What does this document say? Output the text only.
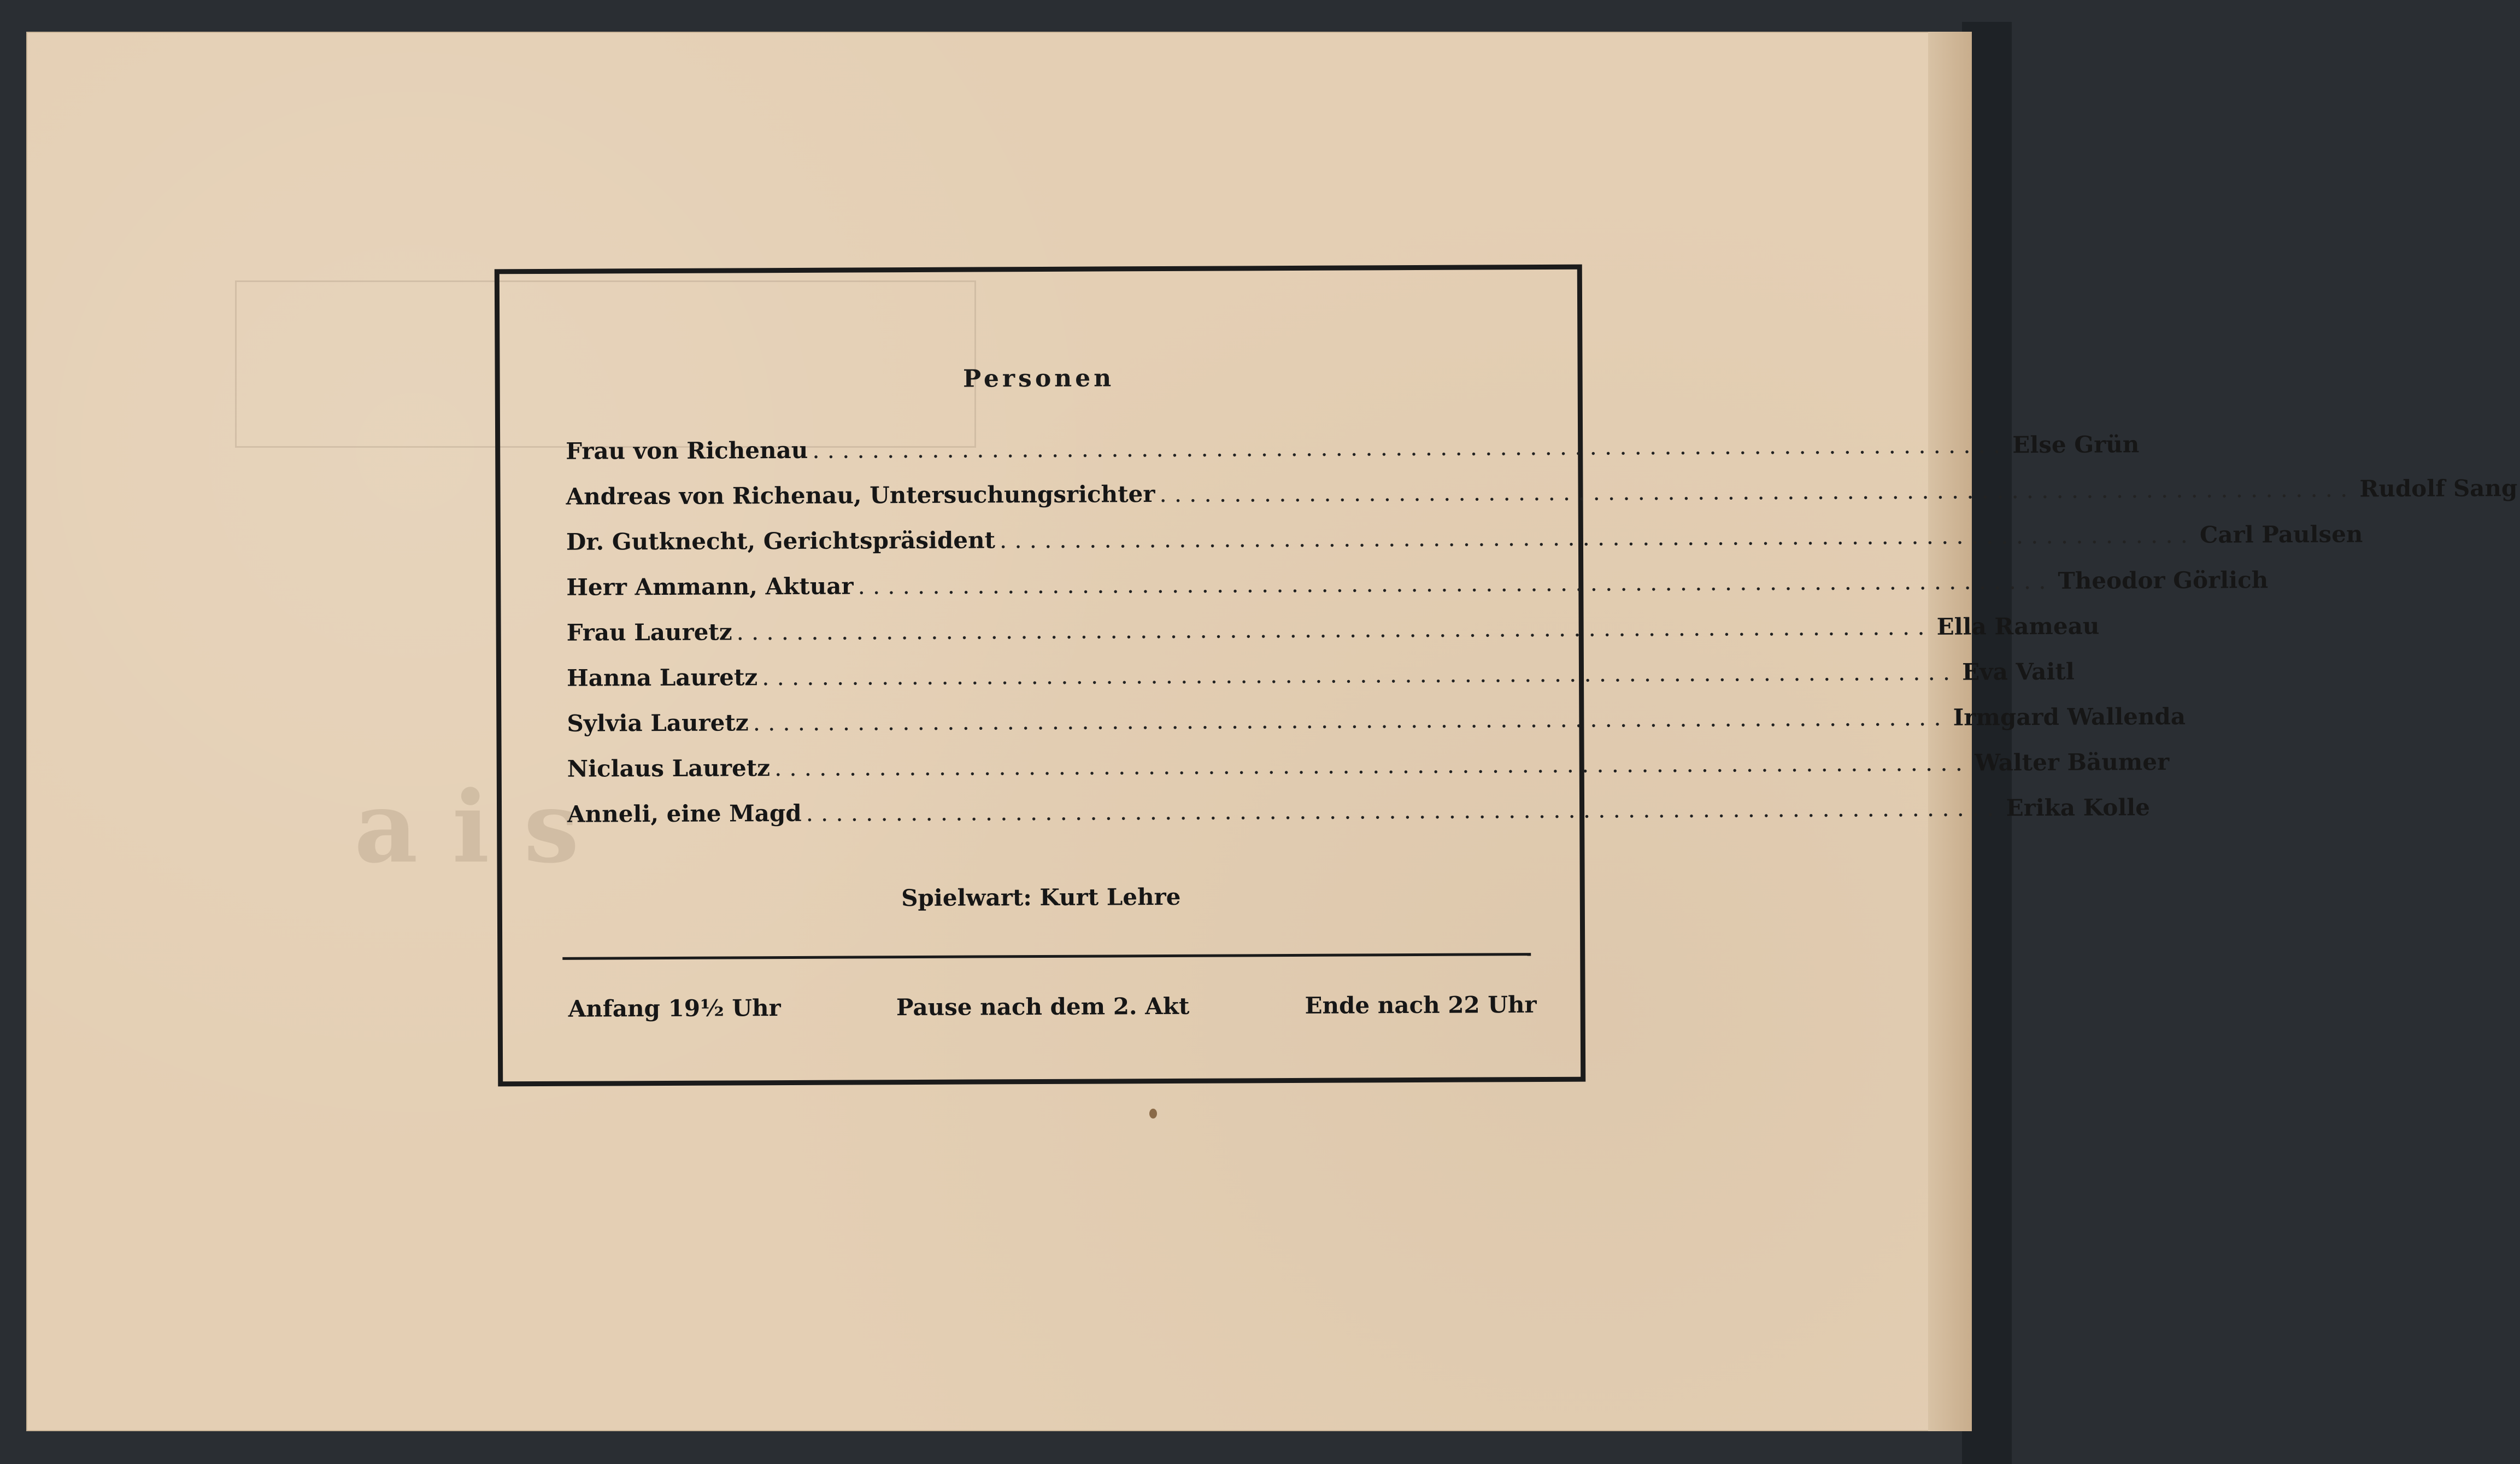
a i s
Personen
Frau von Richenau ................................................................................ Else Grün
Andreas von Richenau, Untersuchungsrichter ................................................................................ Rudolf Sang
Dr. Gutknecht, Gerichtspräsident ................................................................................ Carl Paulsen
Herr Ammann, Aktuar ................................................................................ Theodor Görlich
Frau Lauretz ................................................................................ Ella Rameau
Hanna Lauretz ................................................................................ Eva Vaitl
Sylvia Lauretz ................................................................................ Irmgard Wallenda
Niclaus Lauretz ................................................................................ Walter Bäumer
Anneli, eine Magd ................................................................................ Erika Kolle
Spielwart: Kurt Lehre
Anfang 19½ Uhr	Pause nach dem 2. Akt	Ende nach 22 Uhr
